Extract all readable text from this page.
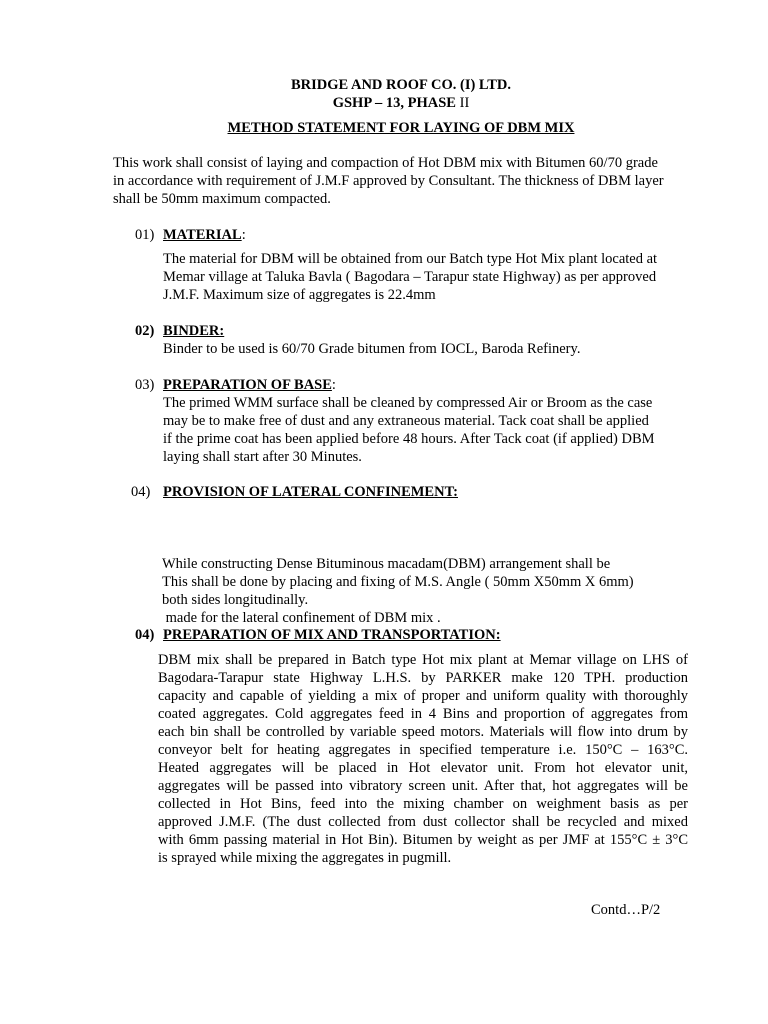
BRIDGE AND ROOF CO. (I) LTD.
GSHP – 13, PHASE II
METHOD STATEMENT FOR LAYING OF DBM MIX
This work shall consist of laying and compaction of Hot DBM mix with Bitumen 60/70 grade
in accordance with requirement of J.M.F approved by Consultant. The thickness of DBM layer
shall be 50mm maximum compacted.
01) MATERIAL:
The material for DBM will be obtained from our Batch type Hot Mix plant located at
Memar village at Taluka Bavla ( Bagodara – Tarapur state Highway) as per approved
J.M.F. Maximum size of aggregates is 22.4mm
02) BINDER:
Binder to be used is 60/70 Grade bitumen from IOCL, Baroda Refinery.
03) PREPARATION OF BASE:
The primed WMM surface shall be cleaned by compressed Air or Broom as the case
may be to make free of dust and any extraneous material. Tack coat shall be applied
if the prime coat has been applied before 48 hours. After Tack coat (if applied) DBM
laying shall start after 30 Minutes.
04) PROVISION OF LATERAL CONFINEMENT:

While constructing Dense Bituminous macadam(DBM) arrangement shall be

made for the lateral confinement of DBM mix .

This shall be done by placing and fixing of M.S. Angle ( 50mm X50mm X 6mm)
both sides longitudinally.
04) PREPARATION OF MIX AND TRANSPORTATION:
DBM mix shall be prepared in Batch type Hot mix plant at Memar village on LHS of
Bagodara-Tarapur state Highway L.H.S. by PARKER make 120 TPH. production
capacity and capable of yielding a mix of proper and uniform quality with thoroughly
coated aggregates. Cold aggregates feed in 4 Bins and proportion of aggregates from
each bin shall be controlled by variable speed motors. Materials will flow into drum by
conveyor belt for heating aggregates in specified temperature i.e. 150°C – 163°C.
Heated aggregates will be placed in Hot elevator unit. From hot elevator unit,
aggregates will be passed into vibratory screen unit. After that, hot aggregates will be
collected in Hot Bins, feed into the mixing chamber on weighment basis as per
approved J.M.F. (The dust collected from dust collector shall be recycled and mixed
with 6mm passing material in Hot Bin). Bitumen by weight as per JMF at 155°C ± 3°C
is sprayed while mixing the aggregates in pugmill.
Contd…P/2
